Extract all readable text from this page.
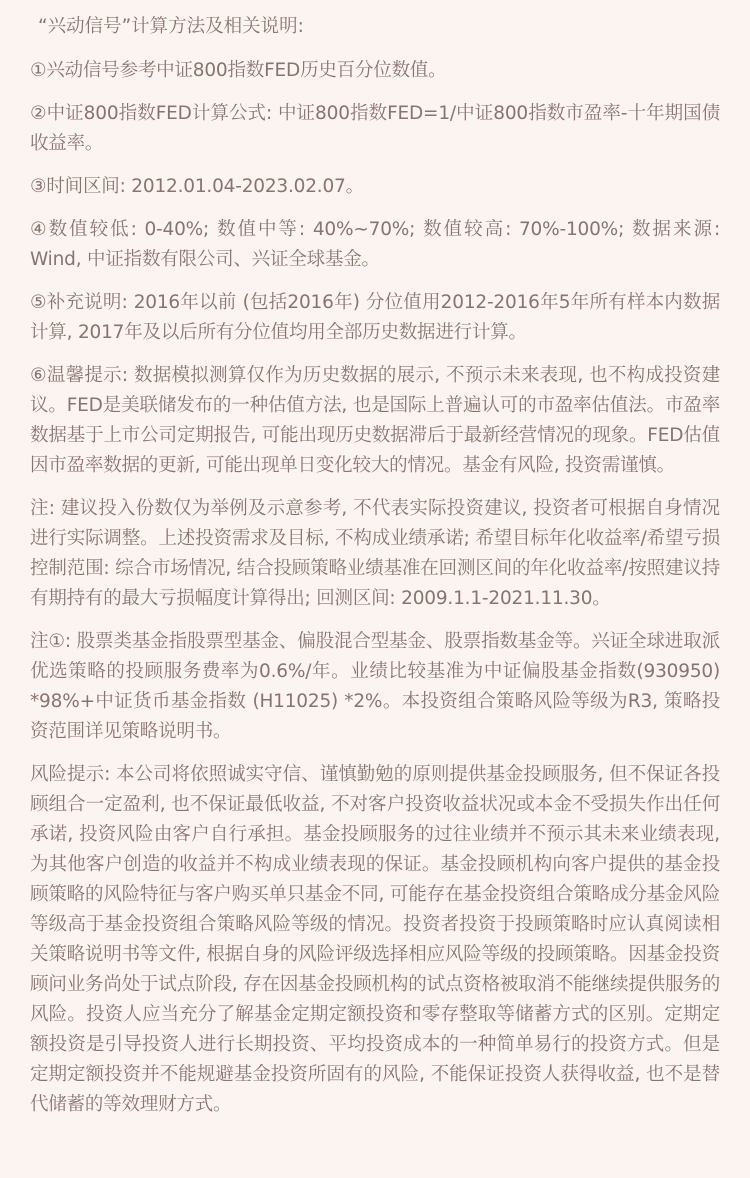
“兴动信号”计算方法及相关说明:

①兴动信号参考中证800指数FED历史百分位数值。

②中证800指数FED计算公式: 中证800指数FED=1/中证800指数市盈率-十年期国债收益率。

③时间区间: 2012.01.04-2023.02.07。

④数值较低: 0-40%; 数值中等: 40%~70%; 数值较高: 70%-100%; 数据来源: Wind, 中证指数有限公司、兴证全球基金。

⑤补充说明: 2016年以前 (包括2016年) 分位值用2012-2016年5年所有样本内数据计算, 2017年及以后所有分位值均用全部历史数据进行计算。

⑥温馨提示: 数据模拟测算仅作为历史数据的展示, 不预示未来表现, 也不构成投资建议。FED是美联储发布的一种估值方法, 也是国际上普遍认可的市盈率估值法。市盈率数据基于上市公司定期报告, 可能出现历史数据滞后于最新经营情况的现象。FED估值因市盈率数据的更新, 可能出现单日变化较大的情况。基金有风险, 投资需谨慎。

注: 建议投入份数仅为举例及示意参考, 不代表实际投资建议, 投资者可根据自身情况进行实际调整。上述投资需求及目标, 不构成业绩承诺; 希望目标年化收益率/希望亏损控制范围: 综合市场情况, 结合投顾策略业绩基准在回测区间的年化收益率/按照建议持有期持有的最大亏损幅度计算得出; 回测区间: 2009.1.1-2021.11.30。

注①: 股票类基金指股票型基金、偏股混合型基金、股票指数基金等。兴证全球进取派优选策略的投顾服务费率为0.6%/年。业绩比较基准为中证偏股基金指数(930950) *98%+中证货币基金指数 (H11025) *2%。本投资组合策略风险等级为R3, 策略投资范围详见策略说明书。

风险提示: 本公司将依照诚实守信、谨慎勤勉的原则提供基金投顾服务, 但不保证各投顾组合一定盈利, 也不保证最低收益, 不对客户投资收益状况或本金不受损失作出任何承诺, 投资风险由客户自行承担。基金投顾服务的过往业绩并不预示其未来业绩表现, 为其他客户创造的收益并不构成业绩表现的保证。基金投顾机构向客户提供的基金投顾策略的风险特征与客户购买单只基金不同, 可能存在基金投资组合策略成分基金风险等级高于基金投资组合策略风险等级的情况。投资者投资于投顾策略时应认真阅读相关策略说明书等文件, 根据自身的风险评级选择相应风险等级的投顾策略。因基金投资顾问业务尚处于试点阶段, 存在因基金投顾机构的试点资格被取消不能继续提供服务的风险。投资人应当充分了解基金定期定额投资和零存整取等储蓄方式的区别。定期定额投资是引导投资人进行长期投资、平均投资成本的一种简单易行的投资方式。但是定期定额投资并不能规避基金投资所固有的风险, 不能保证投资人获得收益, 也不是替代储蓄的等效理财方式。
